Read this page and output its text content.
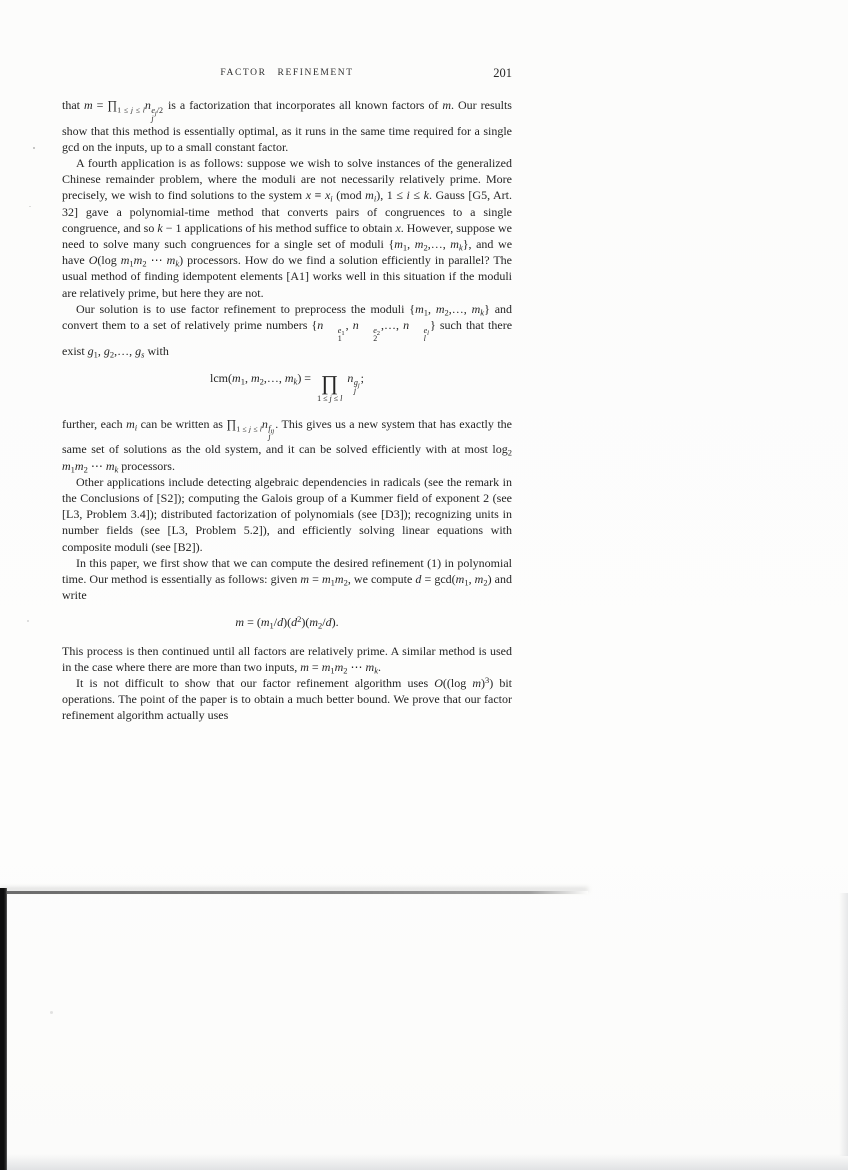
FACTOR REFINEMENT	201
that $m = \prod_{1 \le j \le l}n$ $e_j/2$
j
is a factorization that incorporates all known factors of m. Our results show that this method is essentially optimal, as it runs in the same time required for a single gcd on the inputs, up to a small constant factor.
A fourth application is as follows: suppose we wish to solve instances of the generalized Chinese remainder problem, where the moduli are not necessarily relatively prime. More precisely, we wish to find solutions to the system $x \equiv x_i$ (mod $m_i$), 1 ≤ i ≤ k. Gauss [G5, Art. 32] gave a polynomial-time method that converts pairs of congruences to a single congruence, and so k − 1 applications of his method suffice to obtain x. However, suppose we need to solve many such congruences for a single set of moduli {$m_1$, $m_2,\dots$, $m_k$}, and we have O(log $m_1m_2$ ⋯ $m_k$) processors. How do we find a solution efficiently in parallel? The usual method of finding idempotent elements [A1] works well in this situation if the moduli are relatively prime, but here they are not.
Our solution is to use factor refinement to preprocess the moduli {$m_1$, $m_2,\dots$, $m_k$} and convert them to a set of relatively prime numbers {n	$e_1$
1
, n	$e_2$
2
,…, n	$e_l$
l
} such that there exist $g_1$, $g_2,\dots$, $g_s$ with
$lcm(m_1$, $m_2,\dots$, $m_k$) = ∏
1 ≤ j ≤ l
n $g_j$
j
;
further, each $m_i$ can be written as $\prod_{1 \le j \le l}n$ $f_{ij}$
j
. This gives us a new system that has exactly the same set of solutions as the old system, and it can be solved efficiently with at most $\log_2 m_1m_2$ ⋯ $m_k$ processors.
Other applications include detecting algebraic dependencies in radicals (see the remark in the Conclusions of [S2]); computing the Galois group of a Kummer field of exponent 2 (see [L3, Problem 3.4]); distributed factorization of polynomials (see [D3]); recognizing units in number fields (see [L3, Problem 5.2]), and efficiently solving linear equations with composite moduli (see [B2]).
In this paper, we first show that we can compute the desired refinement (1) in polynomial time. Our method is essentially as follows: given $m = m_1m_2$, we compute $d = \gcd(m_1$, $m_2$) and write
$m = (m_1/d)(d^2)(m_2/d)$.
This process is then continued until all factors are relatively prime. A similar method is used in the case where there are more than two inputs, $m = m_1m_2$ ⋯ $m_k$.
It is not difficult to show that our factor refinement algorithm uses O((log m)$^3$) bit operations. The point of the paper is to obtain a much better bound. We prove that our factor refinement algorithm actually uses
